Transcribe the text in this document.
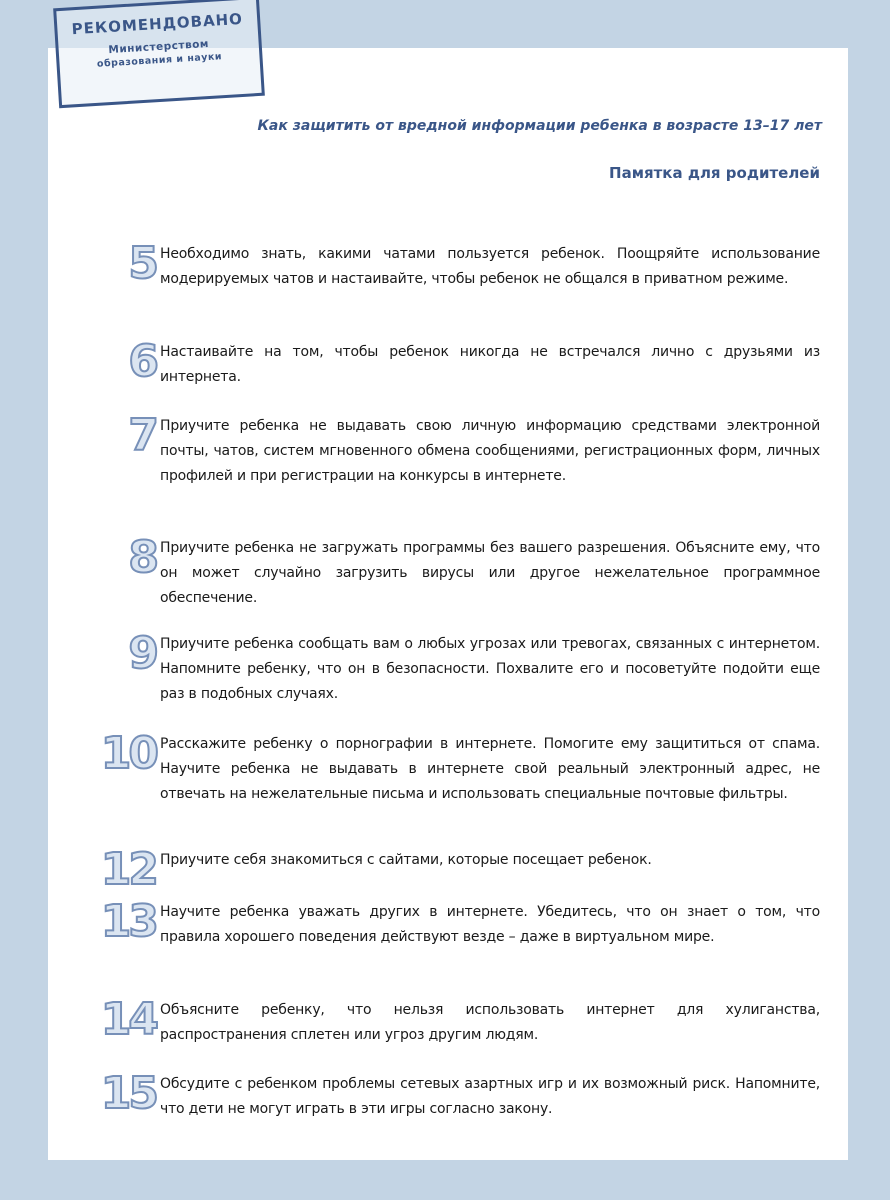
РЕКОМЕНДОВАНО
Министерством
образования и науки
Как защитить от вредной информации ребенка в возрасте 13–17 лет
Памятка для родителей
5 Необходимо знать, какими чатами пользуется ребенок. Поощряйте использование модерируемых чатов и настаивайте, чтобы ребенок не общался в приватном режиме.
6 Настаивайте на том, чтобы ребенок никогда не встречался лично с друзьями из интернета.
7 Приучите ребенка не выдавать свою личную информацию средствами электронной почты, чатов, систем мгновенного обмена сообщениями, регистрационных форм, личных профилей и при регистрации на конкурсы в интернете.
8 Приучите ребенка не загружать программы без вашего разрешения. Объясните ему, что он может случайно загрузить вирусы или другое нежелательное программное обеспечение.
9 Приучите ребенка сообщать вам о любых угрозах или тревогах, связанных с интернетом. Напомните ребенку, что он в безопасности. Похвалите его и посоветуйте подойти еще раз в подобных случаях.
10 Расскажите ребенку о порнографии в интернете. Помогите ему защититься от спама. Научите ребенка не выдавать в интернете свой реальный электронный адрес, не отвечать на нежелательные письма и использовать специальные почтовые фильтры.
12 Приучите себя знакомиться с сайтами, которые посещает ребенок.
13 Научите ребенка уважать других в интернете. Убедитесь, что он знает о том, что правила хорошего поведения действуют везде – даже в виртуальном мире.
14 Объясните ребенку, что нельзя использовать интернет для хулиганства, распространения сплетен или угроз другим людям.
15 Обсудите с ребенком проблемы сетевых азартных игр и их возможный риск. Напомните, что дети не могут играть в эти игры согласно закону.
